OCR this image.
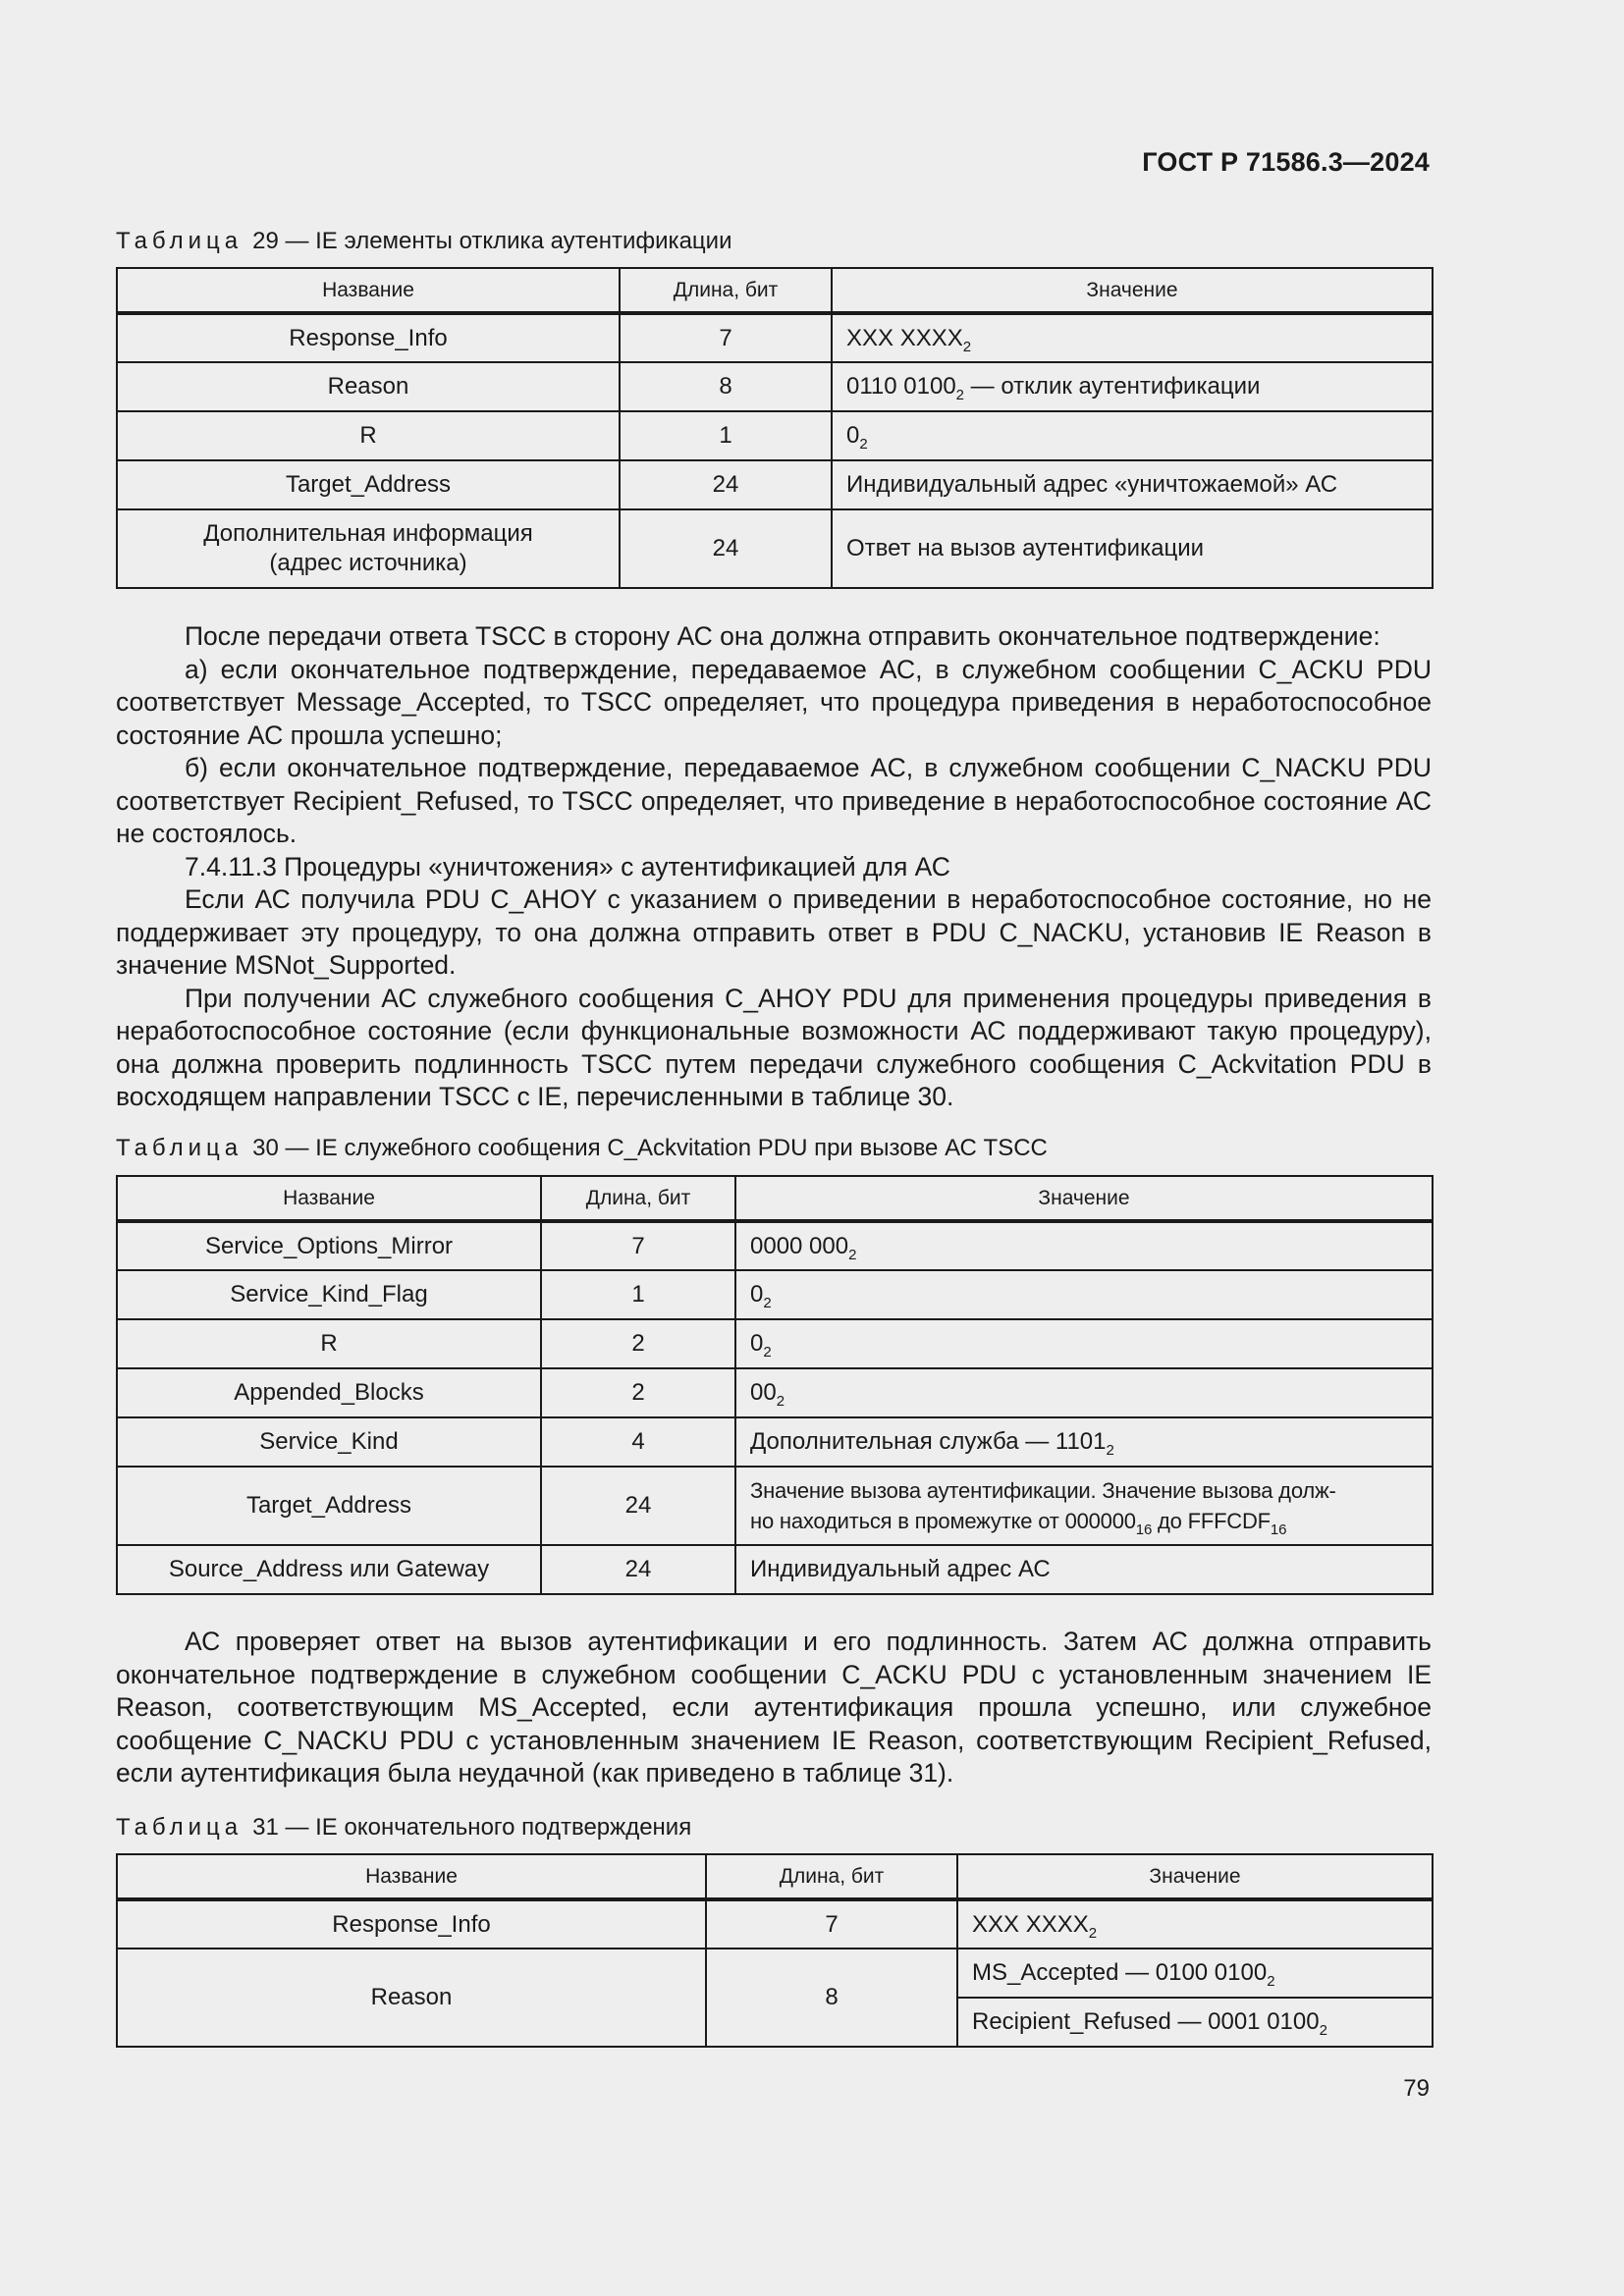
ГОСТ Р 71586.3—2024
Таблица 29 — IE элементы отклика аутентификации
Название	Длина, бит	Значение
Response_Info	7	XXX $XXXX_2$
Reason	8	0110 $0100_2$ — отклик аутентификации
R	1	$0_2$
Target_Address	24	Индивидуальный адрес «уничтожаемой» АС
Дополнительная информация
(адрес источника)	24	Ответ на вызов аутентификации

После передачи ответа TSCC в сторону АС она должна отправить окончательное подтверждение:

а) если окончательное подтверждение, передаваемое АС, в служебном сообщении C_ACKU PDU соответствует Message_Accepted, то TSCC определяет, что процедура приведения в неработоспособное состояние АС прошла успешно;

б) если окончательное подтверждение, передаваемое АС, в служебном сообщении C_NACKU PDU соответствует Recipient_Refused, то TSCC определяет, что приведение в неработоспособное состояние АС не состоялось.

7.4.11.3 Процедуры «уничтожения» с аутентификацией для АС

Если АС получила PDU C_AHOY с указанием о приведении в неработоспособное состояние, но не поддерживает эту процедуру, то она должна отправить ответ в PDU C_NACKU, установив IE Reason в значение MSNot_Supported.

При получении АС служебного сообщения C_AHOY PDU для применения процедуры приведения в неработоспособное состояние (если функциональные возможности АС поддерживают такую процедуру), она должна проверить подлинность TSCC путем передачи служебного сообщения C_Ackvitation PDU в восходящем направлении TSCC с IE, перечисленными в таблице 30.

Таблица 30 — IE служебного сообщения C_Ackvitation PDU при вызове АС TSCC
Название	Длина, бит	Значение
Service_Options_Mirror	7	0000 $000_2$
Service_Kind_Flag	1	$0_2$
R	2	$0_2$
Appended_Blocks	2	$00_2$
Service_Kind	4	Дополнительная служба — $1101_2$
Target_Address	24	Значение вызова аутентификации. Значение вызова долж-
но находиться в промежутке от $000000_{16}$ до $FFFCDF_{16}$
Source_Address или Gateway	24	Индивидуальный адрес АС

АС проверяет ответ на вызов аутентификации и его подлинность. Затем АС должна отправить окончательное подтверждение в служебном сообщении C_ACKU PDU с установленным значением IE Reason, соответствующим MS_Accepted, если аутентификация прошла успешно, или служебное сообщение C_NACKU PDU с установленным значением IE Reason, соответствующим Recipient_Refused, если аутентификация была неудачной (как приведено в таблице 31).

Таблица 31 — IE окончательного подтверждения
Название	Длина, бит	Значение
Response_Info	7	XXX $XXXX_2$
Reason	8	MS_Accepted — 0100 $0100_2$
		Recipient_Refused — 0001 $0100_2$
79
